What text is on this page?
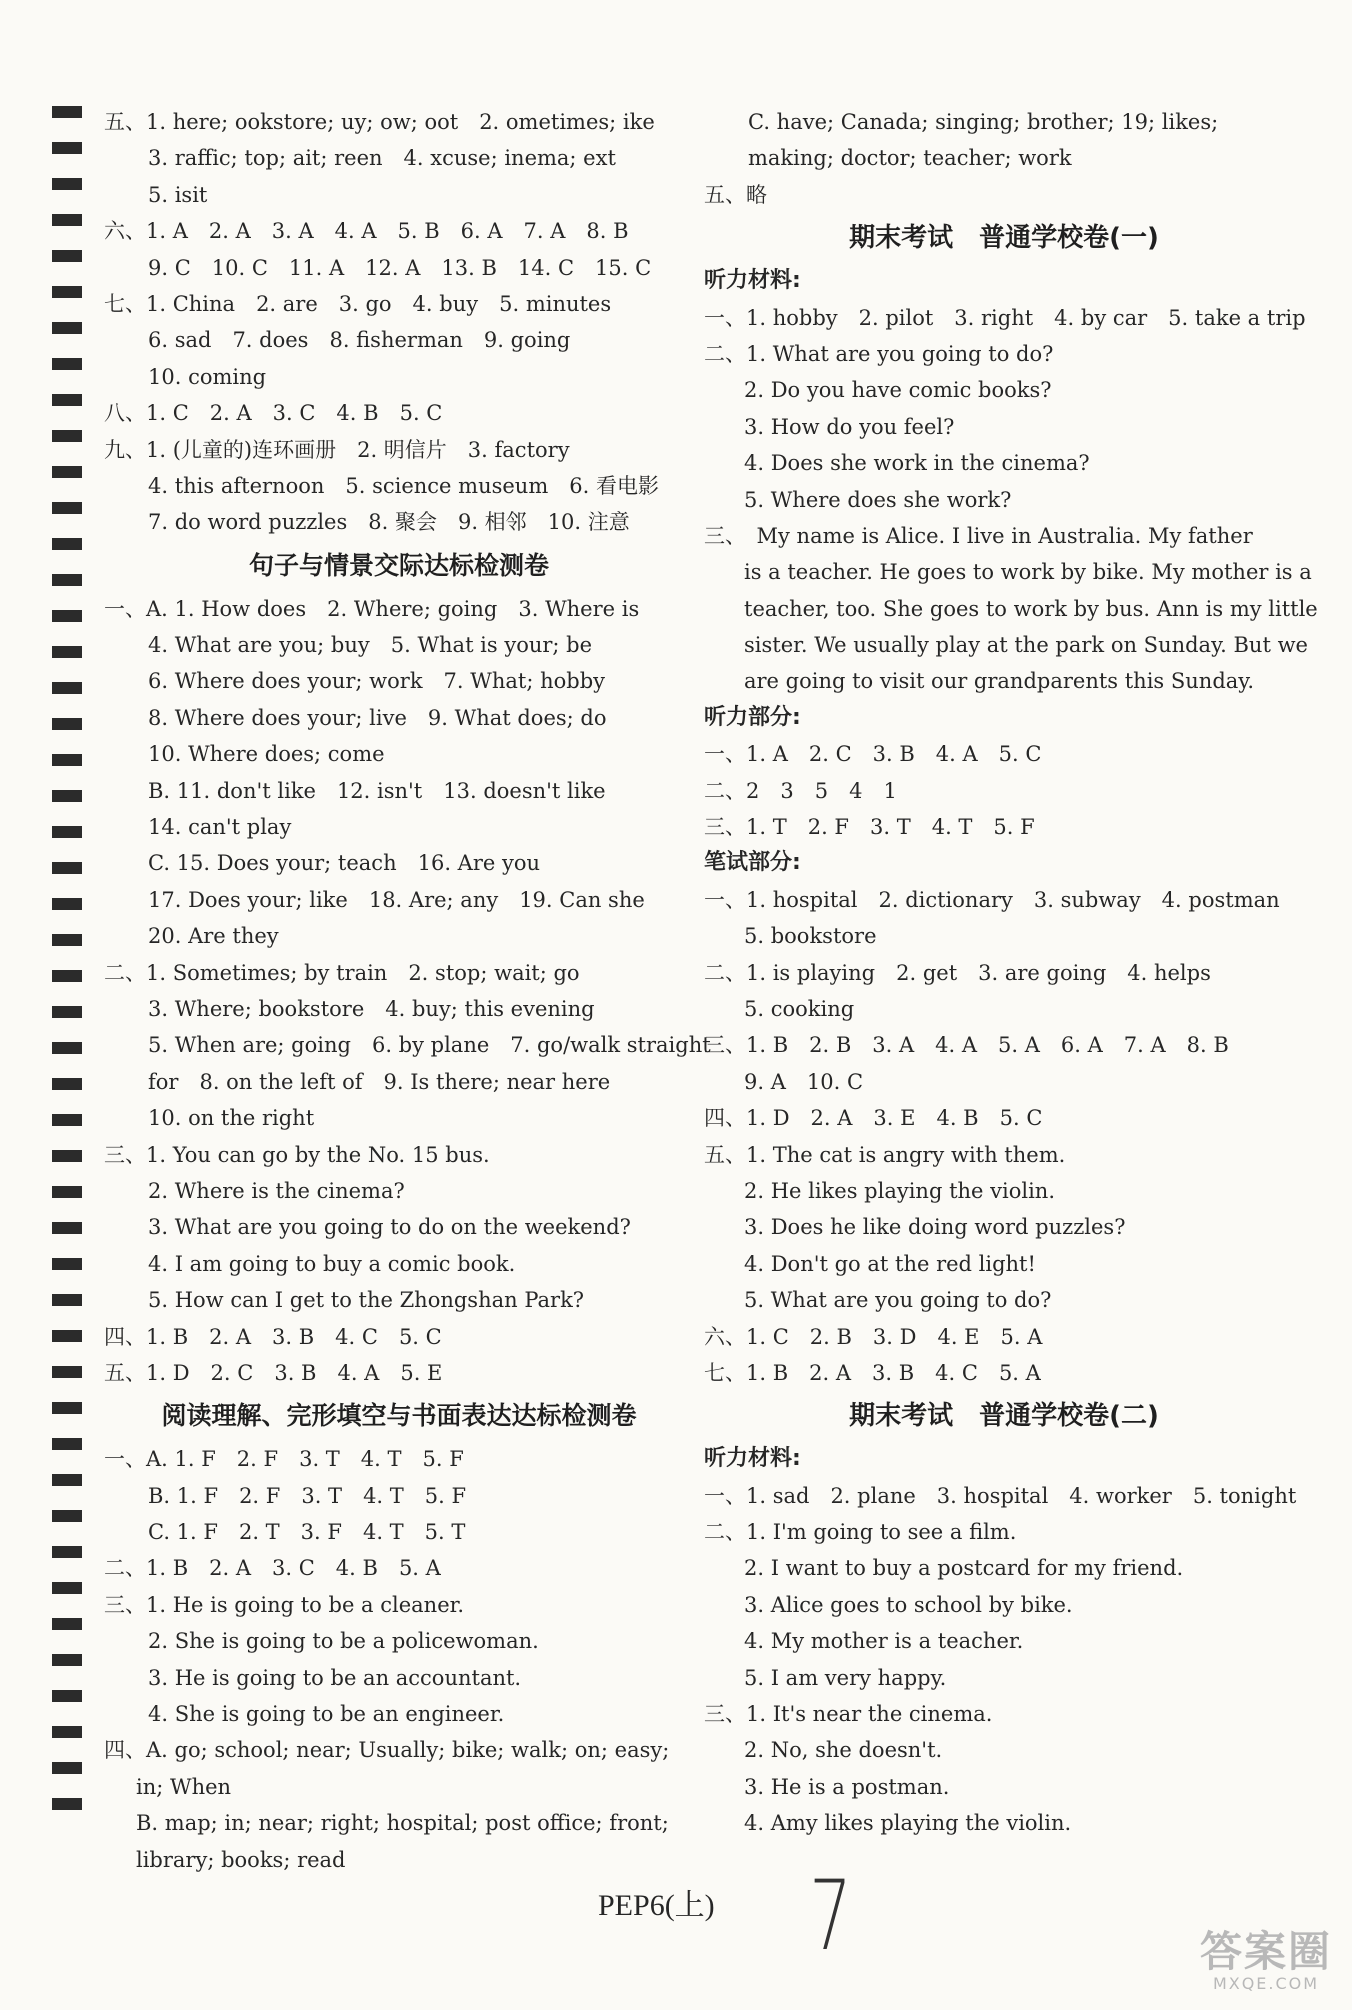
五、1. here; ookstore; uy; ow; oot　2. ometimes; ike
3. raffic; top; ait; reen　4. xcuse; inema; ext
5. isit
六、1. A　2. A　3. A　4. A　5. B　6. A　7. A　8. B
9. C　10. C　11. A　12. A　13. B　14. C　15. C
七、1. China　2. are　3. go　4. buy　5. minutes
6. sad　7. does　8. fisherman　9. going
10. coming
八、1. C　2. A　3. C　4. B　5. C
九、1. (儿童的)连环画册　2. 明信片　3. factory
4. this afternoon　5. science museum　6. 看电影
7. do word puzzles　8. 聚会　9. 相邻　10. 注意
句子与情景交际达标检测卷
一、A. 1. How does　2. Where; going　3. Where is
4. What are you; buy　5. What is your; be
6. Where does your; work　7. What; hobby
8. Where does your; live　9. What does; do
10. Where does; come
B. 11. don't like　12. isn't　13. doesn't like
14. can't play
C. 15. Does your; teach　16. Are you
17. Does your; like　18. Are; any　19. Can she
20. Are they
二、1. Sometimes; by train　2. stop; wait; go
3. Where; bookstore　4. buy; this evening
5. When are; going　6. by plane　7. go/walk straight
for　8. on the left of　9. Is there; near here
10. on the right
三、1. You can go by the No. 15 bus.
2. Where is the cinema?
3. What are you going to do on the weekend?
4. I am going to buy a comic book.
5. How can I get to the Zhongshan Park?
四、1. B　2. A　3. B　4. C　5. C
五、1. D　2. C　3. B　4. A　5. E
阅读理解、完形填空与书面表达达标检测卷
一、A. 1. F　2. F　3. T　4. T　5. F
B. 1. F　2. F　3. T　4. T　5. F
C. 1. F　2. T　3. F　4. T　5. T
二、1. B　2. A　3. C　4. B　5. A
三、1. He is going to be a cleaner.
2. She is going to be a policewoman.
3. He is going to be an accountant.
4. She is going to be an engineer.
四、A. go; school; near; Usually; bike; walk; on; easy;
in; When
B. map; in; near; right; hospital; post office; front;
library; books; read
C. have; Canada; singing; brother; 19; likes;
making; doctor; teacher; work
五、略
期末考试　普通学校卷(一)
听力材料:
一、1. hobby　2. pilot　3. right　4. by car　5. take a trip
二、1. What are you going to do?
2. Do you have comic books?
3. How do you feel?
4. Does she work in the cinema?
5. Where does she work?
三、　My name is Alice. I live in Australia. My father
is a teacher. He goes to work by bike. My mother is a
teacher, too. She goes to work by bus. Ann is my little
sister. We usually play at the park on Sunday. But we
are going to visit our grandparents this Sunday.
听力部分:
一、1. A　2. C　3. B　4. A　5. C
二、2　3　5　4　1
三、1. T　2. F　3. T　4. T　5. F
笔试部分:
一、1. hospital　2. dictionary　3. subway　4. postman
5. bookstore
二、1. is playing　2. get　3. are going　4. helps
5. cooking
三、1. B　2. B　3. A　4. A　5. A　6. A　7. A　8. B
9. A　10. C
四、1. D　2. A　3. E　4. B　5. C
五、1. The cat is angry with them.
2. He likes playing the violin.
3. Does he like doing word puzzles?
4. Don't go at the red light!
5. What are you going to do?
六、1. C　2. B　3. D　4. E　5. A
七、1. B　2. A　3. B　4. C　5. A
期末考试　普通学校卷(二)
听力材料:
一、1. sad　2. plane　3. hospital　4. worker　5. tonight
二、1. I'm going to see a film.
2. I want to buy a postcard for my friend.
3. Alice goes to school by bike.
4. My mother is a teacher.
5. I am very happy.
三、1. It's near the cinema.
2. No, she doesn't.
3. He is a postman.
4. Amy likes playing the violin.
PEP6(上) 7	答案圈
MXQE.COM
